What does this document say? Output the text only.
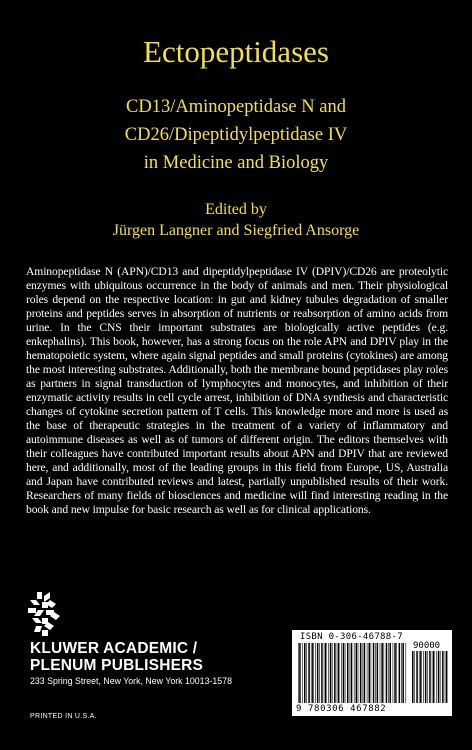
Ectopeptidases
CD13/Aminopeptidase N and
CD26/Dipeptidylpeptidase IV
in Medicine and Biology
Edited by
Jürgen Langner and Siegfried Ansorge
Aminopeptidase N (APN)/CD13 and dipeptidylpeptidase IV (DPIV)/CD26 are proteolytic enzymes with ubiquitous occurrence in the body of animals and men. Their physiological roles depend on the respective location: in gut and kidney tubules degradation of smaller proteins and peptides serves in absorption of nutrients or reabsorption of amino acids from urine. In the CNS their important substrates are biologically active peptides (e.g. enkephalins). This book, however, has a strong focus on the role APN and DPIV play in the hematopoietic system, where again signal peptides and small proteins (cytokines) are among the most interesting substrates. Additionally, both the membrane bound peptidases play roles as partners in signal transduction of lymphocytes and monocytes, and inhibition of their enzymatic activity results in cell cycle arrest, inhibition of DNA synthesis and characteristic changes of cytokine secretion pattern of T cells. This knowledge more and more is used as the base of therapeutic strategies in the treatment of a variety of inflammatory and autoimmune diseases as well as of tumors of different origin. The editors themselves with their colleagues have contributed important results about APN and DPIV that are reviewed here, and additionally, most of the leading groups in this field from Europe, US, Australia and Japan have contributed reviews and latest, partially unpublished results of their work. Researchers of many fields of biosciences and medicine will find interesting reading in the book and new impulse for basic research as well as for clinical applications.
KLUWER ACADEMIC /
PLENUM PUBLISHERS
233 Spring Street, New York, New York 10013-1578
PRINTED IN U.S.A.
ISBN 0-306-46788-7
90000
9 780306 467882
